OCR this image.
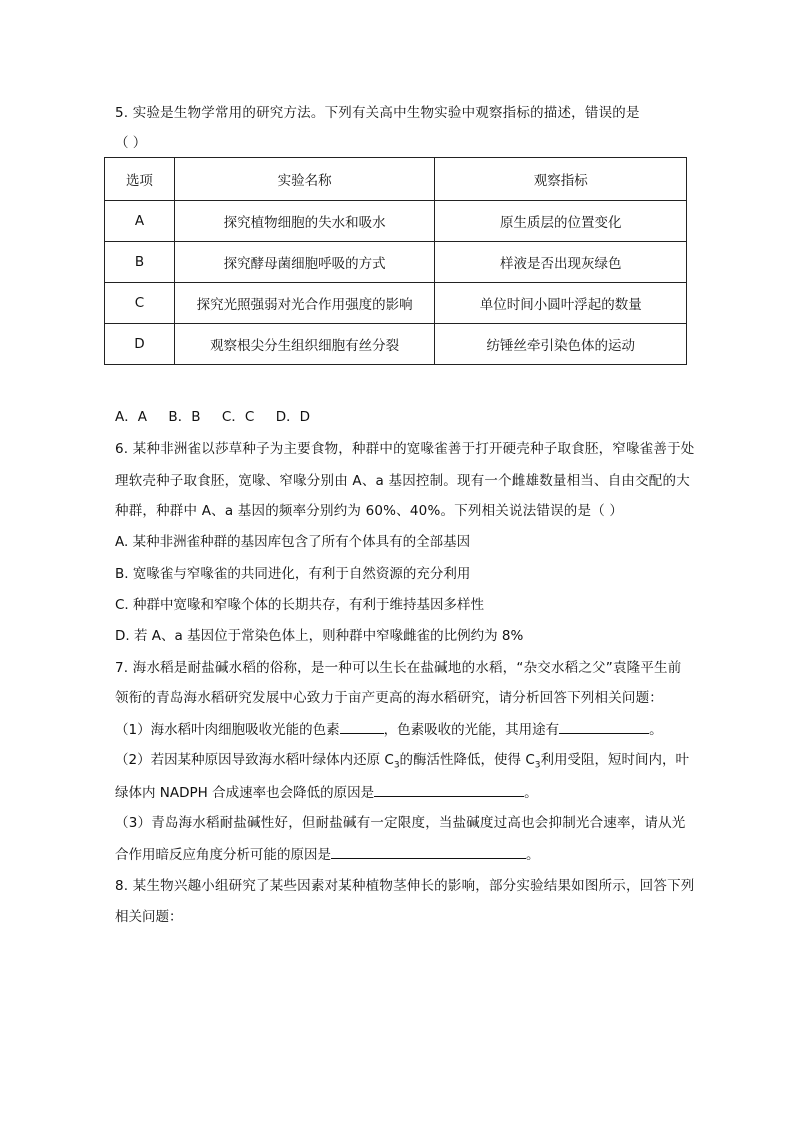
5. 实验是生物学常用的研究方法。下列有关高中生物实验中观察指标的描述，错误的是
（ ）
选项	实验名称	观察指标
A	探究植物细胞的失水和吸水	原生质层的位置变化
B	探究酵母菌细胞呼吸的方式	样液是否出现灰绿色
C	探究光照强弱对光合作用强度的影响	单位时间小圆叶浮起的数量
D	观察根尖分生组织细胞有丝分裂	纺锤丝牵引染色体的运动
A．A     B．B     C．C     D．D
6. 某种非洲雀以莎草种子为主要食物，种群中的宽喙雀善于打开硬壳种子取食胚，窄喙雀善于处
理软壳种子取食胚，宽喙、窄喙分别由 A、a 基因控制。现有一个雌雄数量相当、自由交配的大
种群，种群中 A、a 基因的频率分别约为 60%、40%。下列相关说法错误的是（ ）
A. 某种非洲雀种群的基因库包含了所有个体具有的全部基因
B. 宽喙雀与窄喙雀的共同进化，有利于自然资源的充分利用
C. 种群中宽喙和窄喙个体的长期共存，有利于维持基因多样性
D. 若 A、a 基因位于常染色体上，则种群中窄喙雌雀的比例约为 8%
7. 海水稻是耐盐碱水稻的俗称，是一种可以生长在盐碱地的水稻，“杂交水稻之父”袁隆平生前
领衔的青岛海水稻研究发展中心致力于亩产更高的海水稻研究，请分析回答下列相关问题：
（1）海水稻叶肉细胞吸收光能的色素	，色素吸收的光能，其用途有	。
（2）若因某种原因导致海水稻叶绿体内还原 $C_3$的酶活性降低，使得 $C_3$利用受阻，短时间内，叶
绿体内 NADPH 合成速率也会降低的原因是	。
（3）青岛海水稻耐盐碱性好，但耐盐碱有一定限度，当盐碱度过高也会抑制光合速率，请从光
合作用暗反应角度分析可能的原因是	。
8. 某生物兴趣小组研究了某些因素对某种植物茎伸长的影响，部分实验结果如图所示，回答下列
相关问题：
